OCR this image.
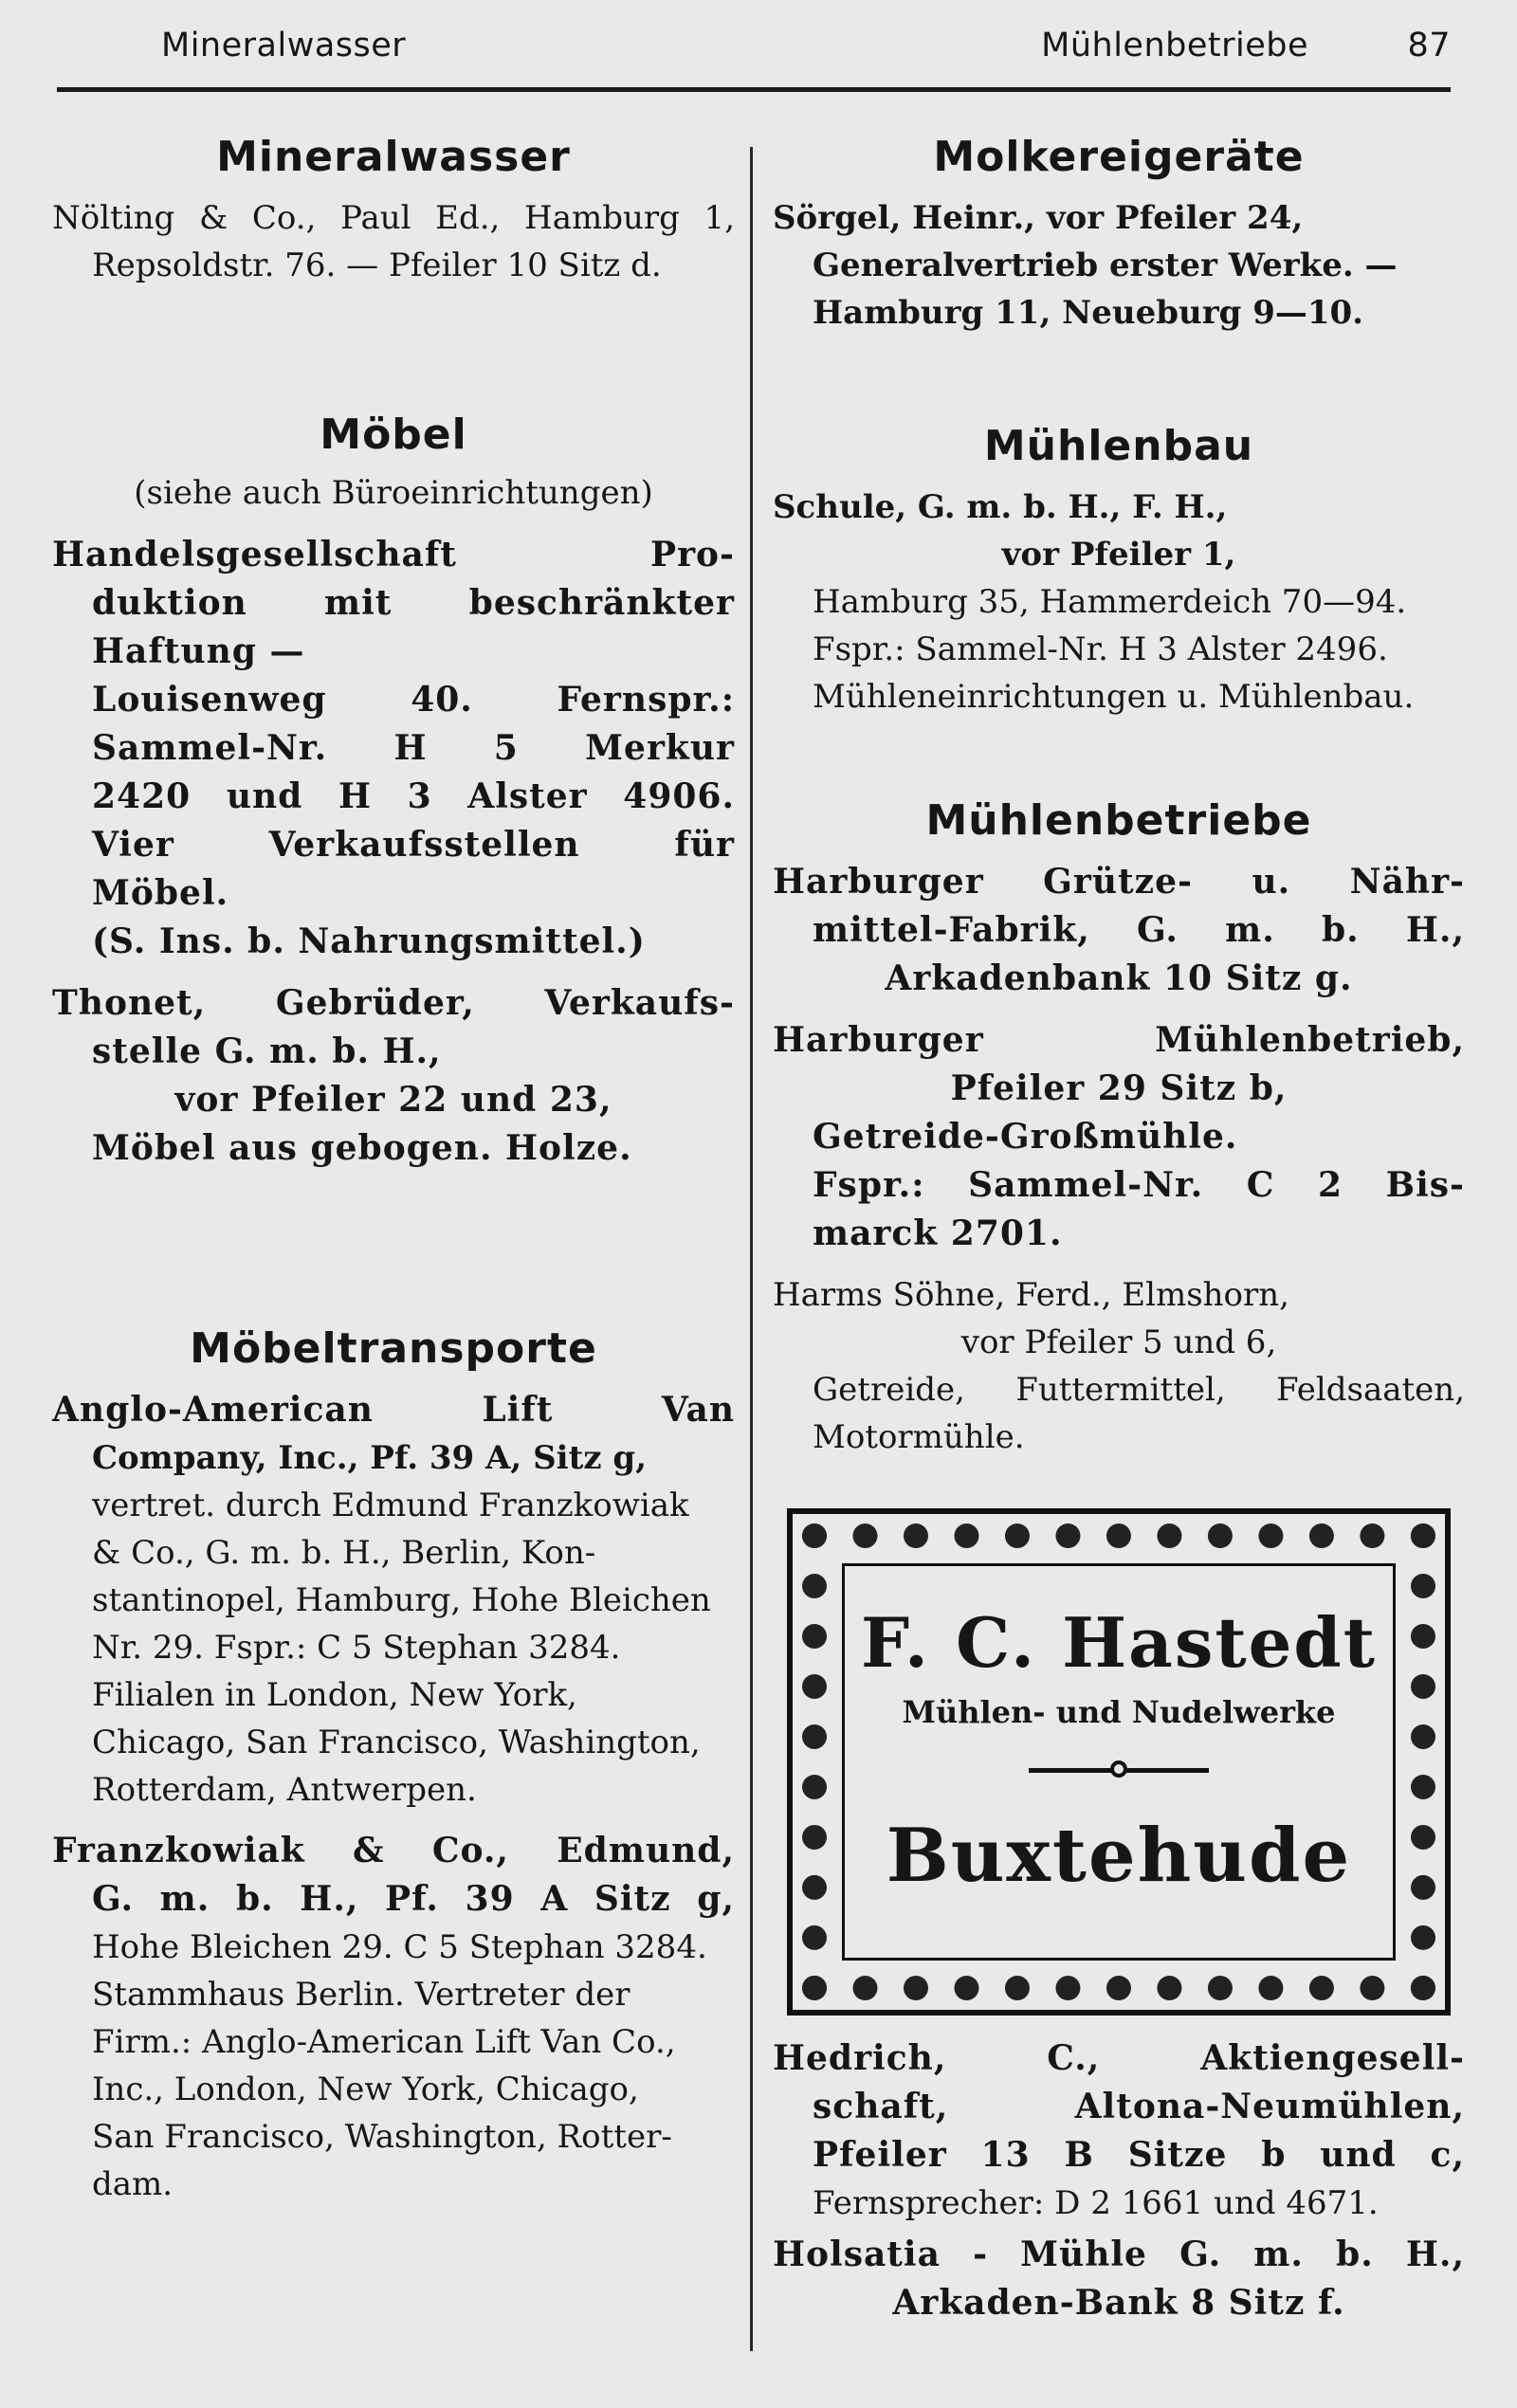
Mineralwasser	Mühlenbetriebe	87
Mineralwasser

Nölting & Co., Paul Ed., Hamburg 1,

Repsoldstr. 76. — Pfeiler 10 Sitz d.

Möbel

(siehe auch Büroeinrichtungen)

Handelsgesellschaft Pro-

duktion mit beschränkter

Haftung —

Louisenweg 40. Fernspr.:

Sammel-Nr. H 5 Merkur

2420 und H 3 Alster 4906.

Vier Verkaufsstellen für

Möbel.

(S. Ins. b. Nahrungsmittel.)

Thonet, Gebrüder, Verkaufs-

stelle G. m. b. H.,

vor Pfeiler 22 und 23,

Möbel aus gebogen. Holze.

Möbeltransporte

Anglo-American Lift Van

Company, Inc., Pf. 39 A, Sitz g,

vertret. durch Edmund Franzkowiak

& Co., G. m. b. H., Berlin, Kon-

stantinopel, Hamburg, Hohe Bleichen

Nr. 29. Fspr.: C 5 Stephan 3284.

Filialen in London, New York,

Chicago, San Francisco, Washington,

Rotterdam, Antwerpen.

Franzkowiak & Co., Edmund,

G. m. b. H., Pf. 39 A Sitz g,

Hohe Bleichen 29. C 5 Stephan 3284.

Stammhaus Berlin. Vertreter der

Firm.: Anglo-American Lift Van Co.,

Inc., London, New York, Chicago,

San Francisco, Washington, Rotter-

dam.

Molkereigeräte

Sörgel, Heinr., vor Pfeiler 24,

Generalvertrieb erster Werke. —

Hamburg 11, Neueburg 9—10.

Mühlenbau

Schule, G. m. b. H., F. H.,

vor Pfeiler 1,

Hamburg 35, Hammerdeich 70—94.

Fspr.: Sammel-Nr. H 3 Alster 2496.

Mühleneinrichtungen u. Mühlenbau.

Mühlenbetriebe

Harburger Grütze- u. Nähr-

mittel-Fabrik, G. m. b. H.,

Arkadenbank 10 Sitz g.

Harburger Mühlenbetrieb,

Pfeiler 29 Sitz b,

Getreide-Großmühle.

Fspr.: Sammel-Nr. C 2 Bis-

marck 2701.

Harms Söhne, Ferd., Elmshorn,

vor Pfeiler 5 und 6,

Getreide, Futtermittel, Feldsaaten,

Motormühle.

F. C. Hastedt
Mühlen- und Nudelwerke
Buxtehude

Hedrich, C., Aktiengesell-

schaft, Altona-Neumühlen,

Pfeiler 13 B Sitze b und c,

Fernsprecher: D 2 1661 und 4671.

Holsatia - Mühle G. m. b. H.,

Arkaden-Bank 8 Sitz f.
